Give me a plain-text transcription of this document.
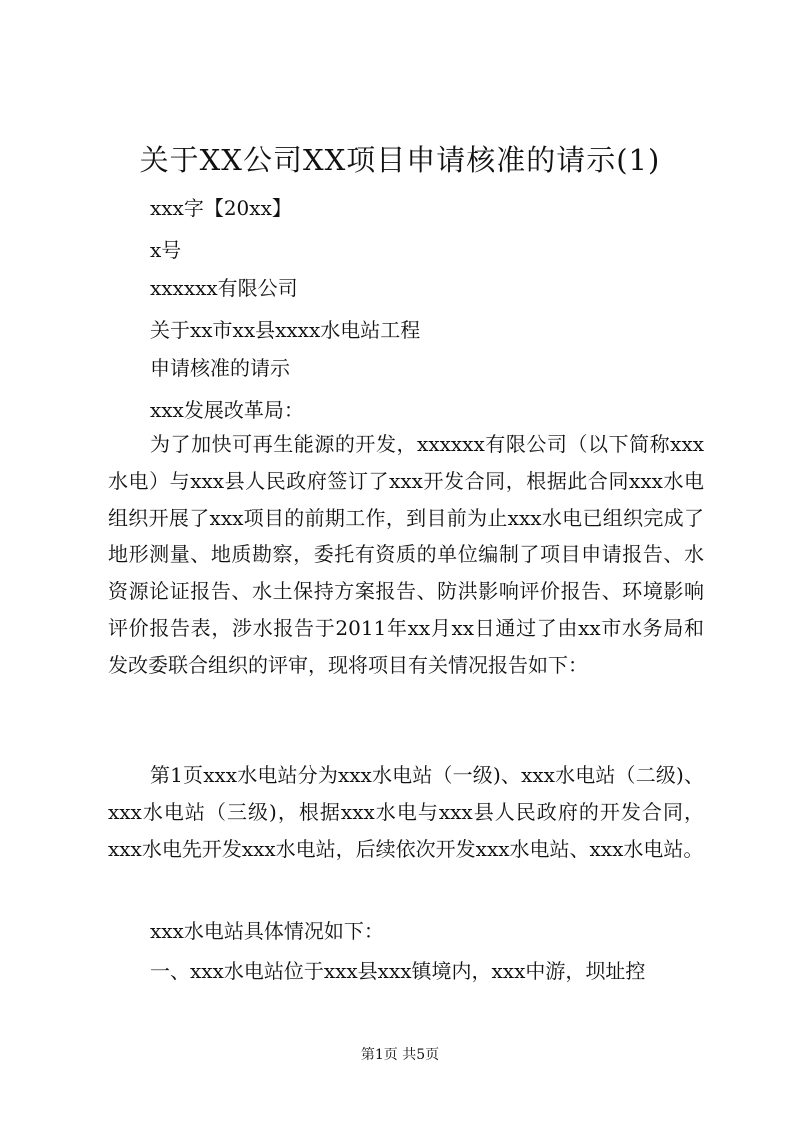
关于XX公司XX项目申请核准的请示(1)
xxx字【20xx】
x号
xxxxxx有限公司
关于xx市xx县xxxx水电站工程
申请核准的请示
xxx发展改革局：

为了加快可再生能源的开发，xxxxxx有限公司（以下简称xxx水电）与xxx县人民政府签订了xxx开发合同，根据此合同xxx水电组织开展了xxx项目的前期工作，到目前为止xxx水电已组织完成了地形测量、地质勘察，委托有资质的单位编制了项目申请报告、水资源论证报告、水土保持方案报告、防洪影响评价报告、环境影响评价报告表，涉水报告于2011年xx月xx日通过了由xx市水务局和发改委联合组织的评审，现将项目有关情况报告如下：

第1页xxx水电站分为xxx水电站（一级)、xxx水电站（二级)、xxx水电站（三级)，根据xxx水电与xxx县人民政府的开发合同，xxx水电先开发xxx水电站，后续依次开发xxx水电站、xxx水电站。

xxx水电站具体情况如下：

一、xxx水电站位于xxx县xxx镇境内，xxx中游，坝址控

第1页 共5页
